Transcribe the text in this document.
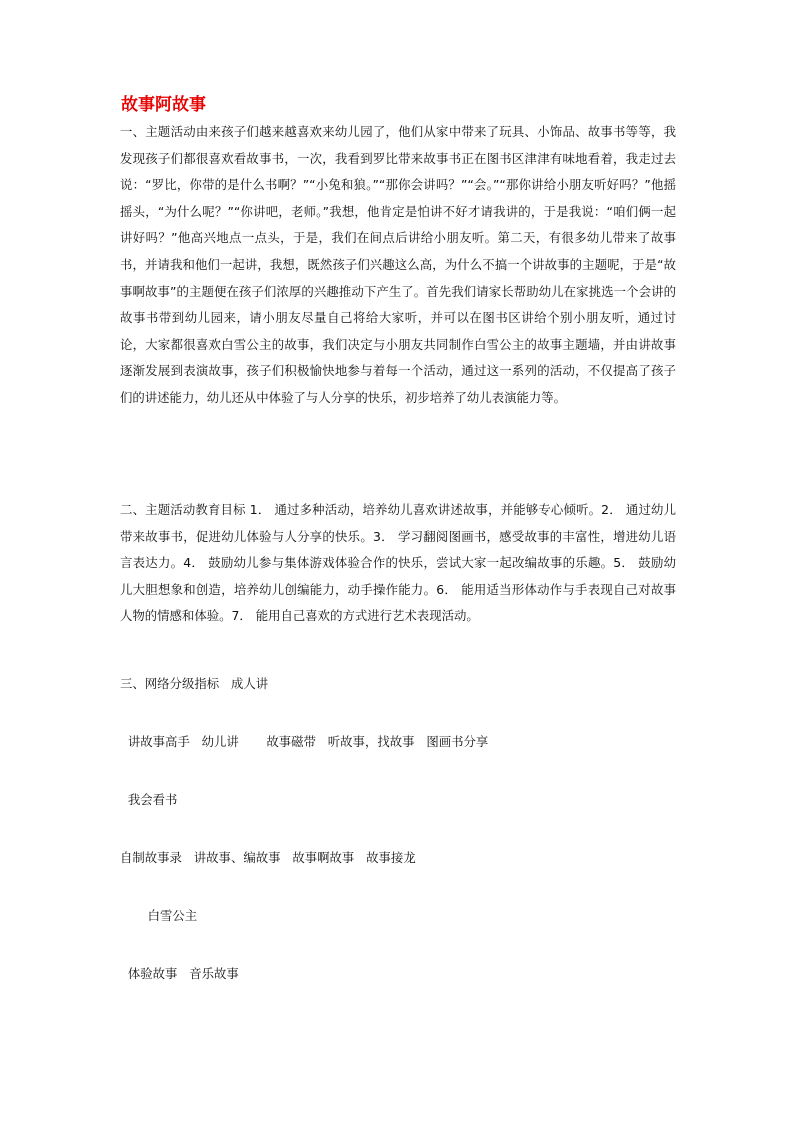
故事阿故事

一、主题活动由来孩子们越来越喜欢来幼儿园了，他们从家中带来了玩具、小饰品、故事书等等，我发现孩子们都很喜欢看故事书，一次，我看到罗比带来故事书正在图书区津津有味地看着，我走过去说：“罗比，你带的是什么书啊？”“小兔和狼。”“那你会讲吗？”“会。”“那你讲给小朋友听好吗？”他摇摇头，“为什么呢？”“你讲吧，老师。”我想，他肯定是怕讲不好才请我讲的，于是我说：“咱们俩一起讲好吗？”他高兴地点一点头，于是，我们在间点后讲给小朋友听。第二天，有很多幼儿带来了故事书，并请我和他们一起讲，我想，既然孩子们兴趣这么高，为什么不搞一个讲故事的主题呢，于是“故事啊故事”的主题便在孩子们浓厚的兴趣推动下产生了。首先我们请家长帮助幼儿在家挑选一个会讲的故事书带到幼儿园来，请小朋友尽量自己将给大家听，并可以在图书区讲给个别小朋友听，通过讨论，大家都很喜欢白雪公主的故事，我们决定与小朋友共同制作白雪公主的故事主题墙，并由讲故事逐渐发展到表演故事，孩子们积极愉快地参与着每一个活动，通过这一系列的活动，不仅提高了孩子们的讲述能力，幼儿还从中体验了与人分享的快乐，初步培养了幼儿表演能力等。

二、主题活动教育目标 1． 通过多种活动，培养幼儿喜欢讲述故事，并能够专心倾听。2． 通过幼儿带来故事书，促进幼儿体验与人分享的快乐。3． 学习翻阅图画书，感受故事的丰富性，增进幼儿语言表达力。4． 鼓励幼儿参与集体游戏体验合作的快乐，尝试大家一起改编故事的乐趣。5． 鼓励幼儿大胆想象和创造，培养幼儿创编能力，动手操作能力。6． 能用适当形体动作与手表现自己对故事人物的情感和体验。7． 能用自己喜欢的方式进行艺术表现活动。

三、网络分级指标   成人讲

讲故事高手   幼儿讲       故事磁带   听故事，找故事   图画书分享

我会看书

自制故事录   讲故事、编故事   故事啊故事   故事接龙

白雪公主

体验故事   音乐故事
